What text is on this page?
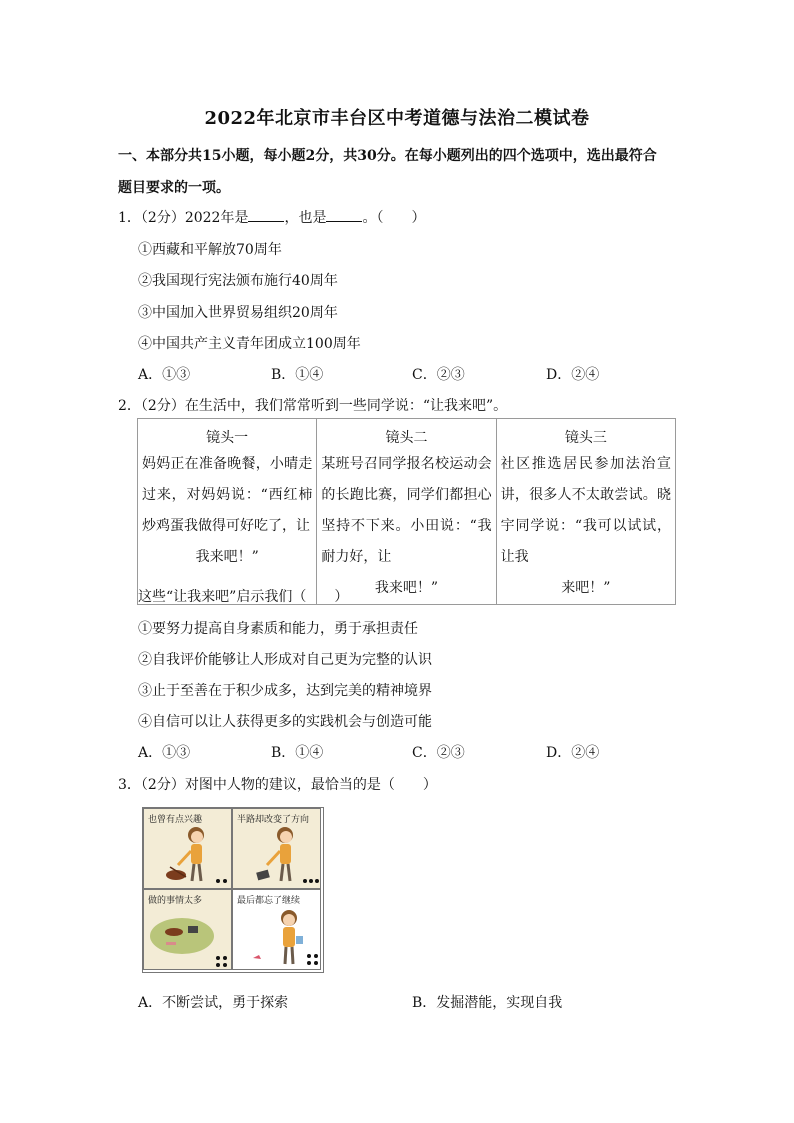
2022年北京市丰台区中考道德与法治二模试卷
一、本部分共15小题，每小题2分，共30分。在每小题列出的四个选项中，选出最符合
题目要求的一项。
1．（2分）2022年是	，也是	。（　　）
①西藏和平解放70周年
②我国现行宪法颁布施行40周年
③中国加入世界贸易组织20周年
④中国共产主义青年团成立100周年
A．①③	B．①④	C．②③	D．②④
2．（2分）在生活中，我们常常听到一些同学说：“让我来吧”。
镜头一
妈妈正在准备晚餐，小晴走过来，对妈妈说：“西红柿炒鸡蛋我做得可好吃了，让
我来吧！”

镜头二
某班号召同学报名校运动会的长跑比赛，同学们都担心坚持不下来。小田说：“我耐力好，让
我来吧！”

镜头三
社区推选居民参加法治宣讲，很多人不太敢尝试。晓宇同学说：“我可以试试，让我
来吧！”
这些“让我来吧”启示我们（　　）
①要努力提高自身素质和能力，勇于承担责任
②自我评价能够让人形成对自己更为完整的认识
③止于至善在于积少成多，达到完美的精神境界
④自信可以让人获得更多的实践机会与创造可能
A．①③	B．①④	C．②③	D．②④
3．（2分）对图中人物的建议，最恰当的是（　　）
也曾有点兴趣	半路却改变了方向
做的事情太多	最后都忘了继续
A．不断尝试，勇于探索	B．发掘潜能，实现自我
